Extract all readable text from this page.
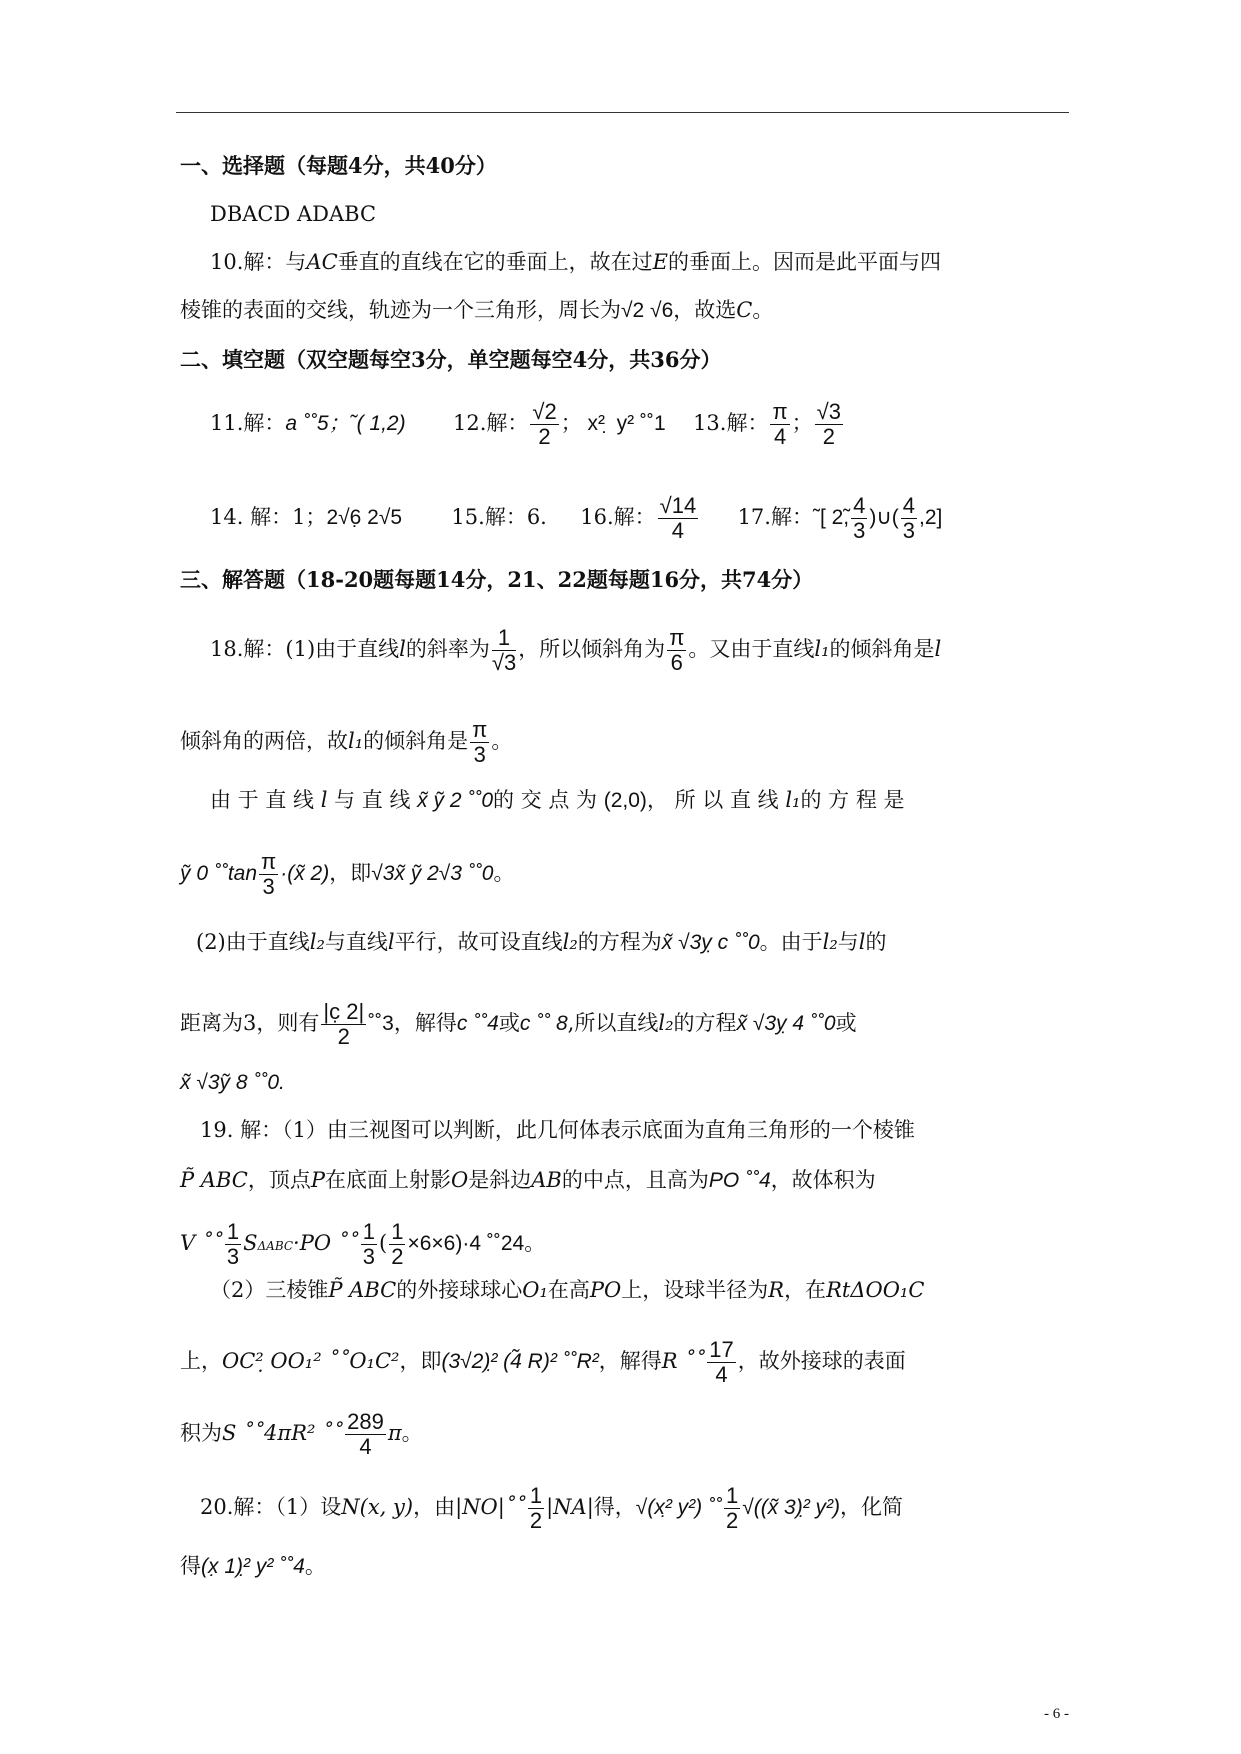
一、选择题（每题4分，共40分）
DBACD ADABC
10.解：与AC垂直的直线在它的垂面上，故在过E的垂面上。因而是此平面与四
棱锥的表面的交线，轨迹为一个三角形，周长为√2 √6，故选C。
二、填空题（双空题每空3分，单空题每空4分，共36分）
11.解：a ˚˚5；˜( 1,2) 12.解： $\frac{√2}{2}$ ； x² ̣ y² ˚˚1 13.解： $\frac{\pi}{4}$ ； $\frac{√3}{2}$
14. 解：1；2√6̣ 2√5 15.解：6. 16.解： $\frac{√14}{4} 17$.解：˜[ 2̃, $\frac{4}{3}$ )∪( $\frac{4}{3} ,2$]
三、解答题（18-20题每题14分，21、22题每题16分，共74分）
18.解：(1)由于直线l的斜率为 $\frac{1}{√3}$ ，所以倾斜角为 $\frac{\pi}{6}$ 。又由于直线l₁的倾斜角是l
倾斜角的两倍，故l₁的倾斜角是 $\frac{\pi}{3}$ 。
由 于 直 线 l 与 直 线 x̃ ỹ 2 ˚˚0的 交 点 为 (2,0)， 所 以 直 线 l₁的 方 程 是
ỹ 0 ˚˚tan $\frac{\pi}{3}$ ·(x̃ 2)，即√3x̃ ỹ 2√3 ˚˚0。
(2)由于直线l₂与直线l平行，故可设直线l₂的方程为x̃ √3ỵ c ˚˚0。由于l₂与l的
距离为3，则有 $\frac{|c̣ 2|}{2}$ ˚˚3，解得c ˚˚4或c ˚˚ 8,所以直线l₂的方程x̃ √3ỵ 4 ˚˚0或
x̃ √3ỹ 8 ˚˚0.
19. 解：（1）由三视图可以判断，此几何体表示底面为直角三角形的一个棱锥
P̃ ABC，顶点P在底面上射影O是斜边AB的中点，且高为PO ˚˚4，故体积为
V ˚˚ $\frac{1}{3} S\Delta ABC\cdot PO$ ˚˚ $\frac{1}{3}$ ( $\frac{1}{2} \times 6\times 6)\cdot 4$ ˚˚24。
（2）三棱锥P̃ ABC的外接球球心O₁在高PO上，设球半径为R，在RtΔOO₁C
上，OC²̣ OO₁² ˚˚O₁C²，即(3√2)²̣ (4̃ R)² ˚˚R²，解得R ˚˚ $\frac{17}{4}$ ，故外接球的表面
积为S ˚˚4πR² ˚˚ $\frac{289}{4}$ π。
20.解：（1）设N(x, y)，由|NO|˚˚ $\frac{1}{2} |NA|$得，√(x²̣ y²) ˚˚ $\frac{1}{2}$ √((x̃ 3)²̣ y²)，化简
得(x̣ 1)²̣ y² ˚˚4。
- 6 -
